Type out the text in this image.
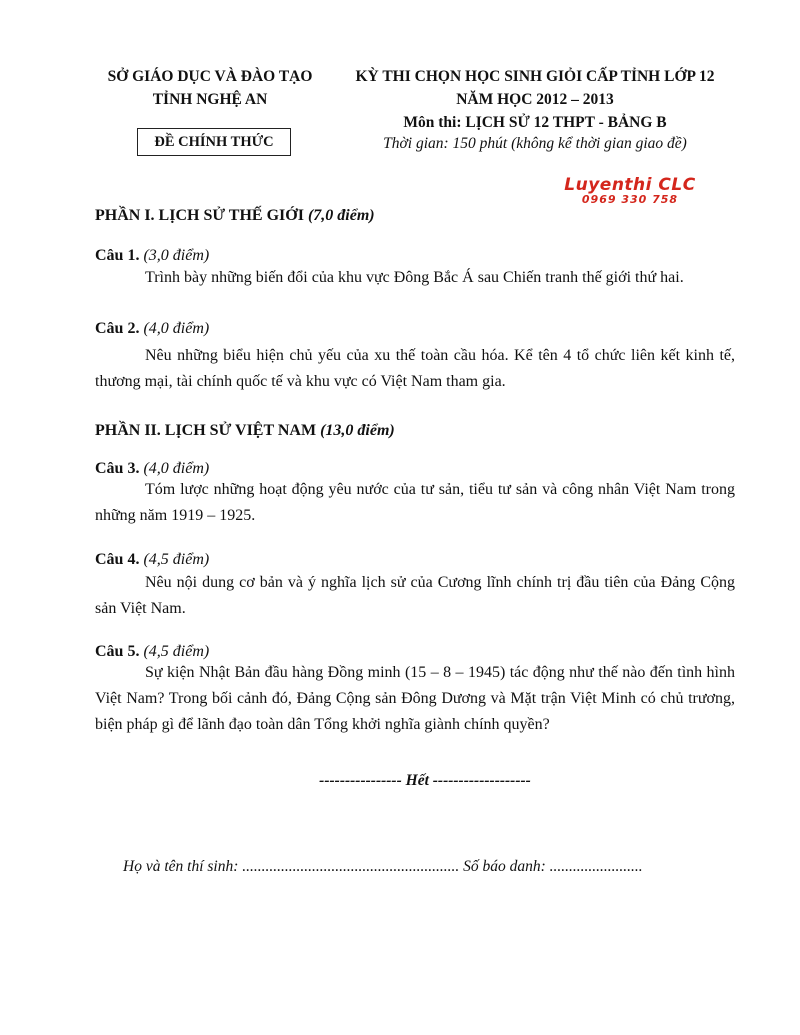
SỞ GIÁO DỤC VÀ ĐÀO TẠO
TỈNH NGHỆ AN
ĐỀ CHÍNH THỨC
KỲ THI CHỌN HỌC SINH GIỎI CẤP TỈNH LỚP 12
NĂM HỌC 2012 – 2013
Môn thi: LỊCH SỬ 12 THPT - BẢNG B
Thời gian: 150 phút (không kể thời gian giao đề)
Luyenthi CLC
0969 330 758
PHẦN I. LỊCH SỬ THẾ GIỚI (7,0 điểm)
Câu 1. (3,0 điểm)
Trình bày những biến đổi của khu vực Đông Bắc Á sau Chiến tranh thế giới thứ hai.
Câu 2. (4,0 điểm)
Nêu những biểu hiện chủ yếu của xu thế toàn cầu hóa. Kể tên 4 tổ chức liên kết kinh tế, thương mại, tài chính quốc tế và khu vực có Việt Nam tham gia.
PHẦN II. LỊCH SỬ VIỆT NAM (13,0 điểm)
Câu 3. (4,0 điểm)
Tóm lược những hoạt động yêu nước của tư sản, tiểu tư sản và công nhân Việt Nam trong những năm 1919 – 1925.
Câu 4. (4,5 điểm)
Nêu nội dung cơ bản và ý nghĩa lịch sử của Cương lĩnh chính trị đầu tiên của Đảng Cộng sản Việt Nam.
Câu 5. (4,5 điểm)
Sự kiện Nhật Bản đầu hàng Đồng minh (15 – 8 – 1945) tác động như thế nào đến tình hình Việt Nam? Trong bối cảnh đó, Đảng Cộng sản Đông Dương và Mặt trận Việt Minh có chủ trương, biện pháp gì để lãnh đạo toàn dân Tổng khởi nghĩa giành chính quyền?
---------------- Hết -------------------
Họ và tên thí sinh: ........................................................ Số báo danh: ........................
